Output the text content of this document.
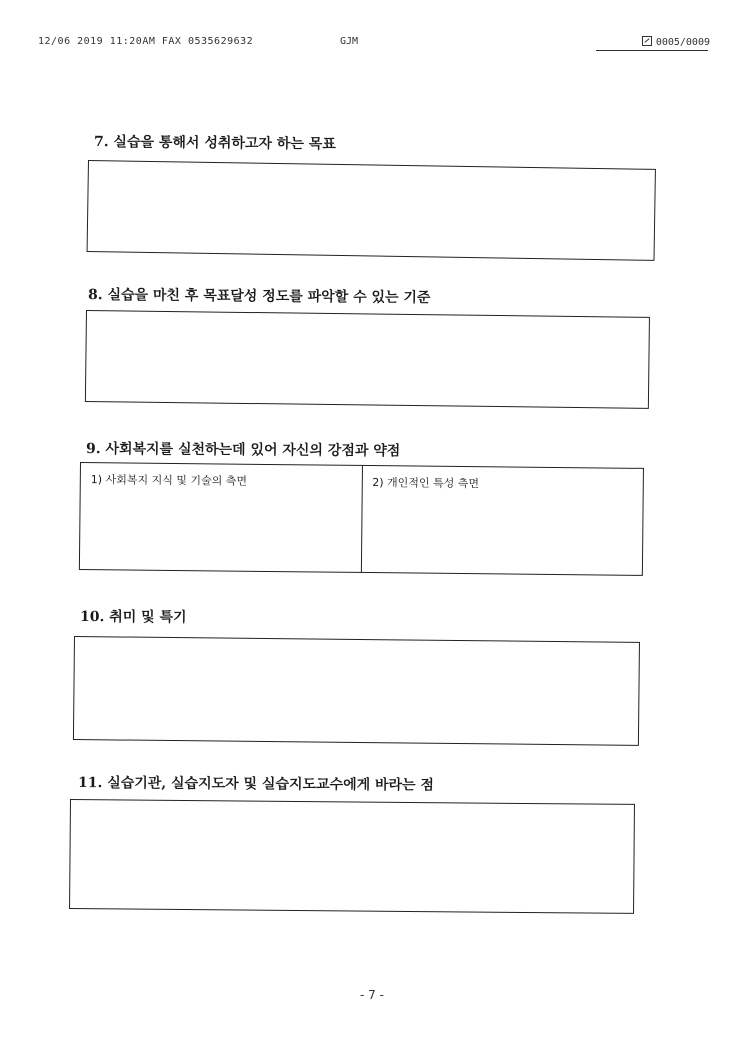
12/06 2019 11:20AM FAX 0535629632	GJM	0005/0009
7. 실습을 통해서 성취하고자 하는 목표
8. 실습을 마친 후 목표달성 정도를 파악할 수 있는 기준
9. 사회복지를 실천하는데 있어 자신의 강점과 약점
1) 사회복지 지식 및 기술의 측면	2) 개인적인 특성 측면
10. 취미 및 특기
11. 실습기관, 실습지도자 및 실습지도교수에게 바라는 점
- 7 -
